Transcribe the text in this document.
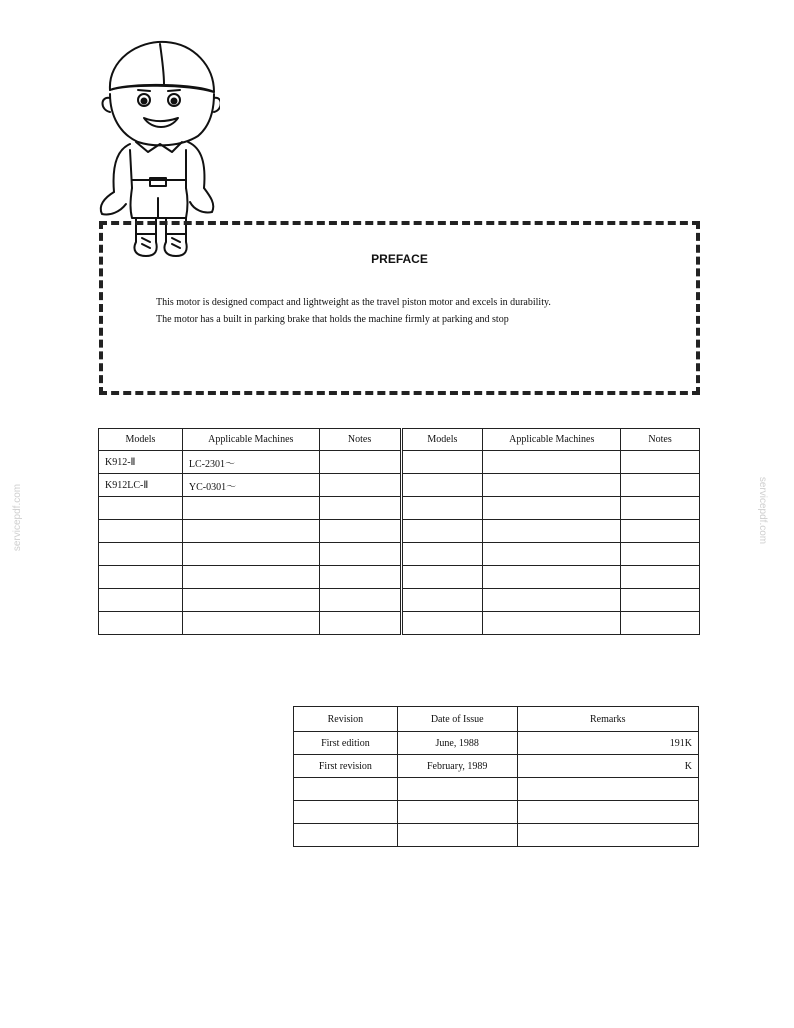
PREFACE
This motor is designed compact and lightweight as the travel piston motor and excels in durability.
The motor has a built in parking brake that holds the machine firmly at parking and stop
Models	Applicable Machines	Notes	Models	Applicable Machines	Notes
K912-Ⅱ	LC-2301～				
K912LC-Ⅱ	YC-0301～				

Revision	Date of Issue	Remarks
First edition	June, 1988	191K
First revision	February, 1989	K

servicepdf.com	servicepdf.com
